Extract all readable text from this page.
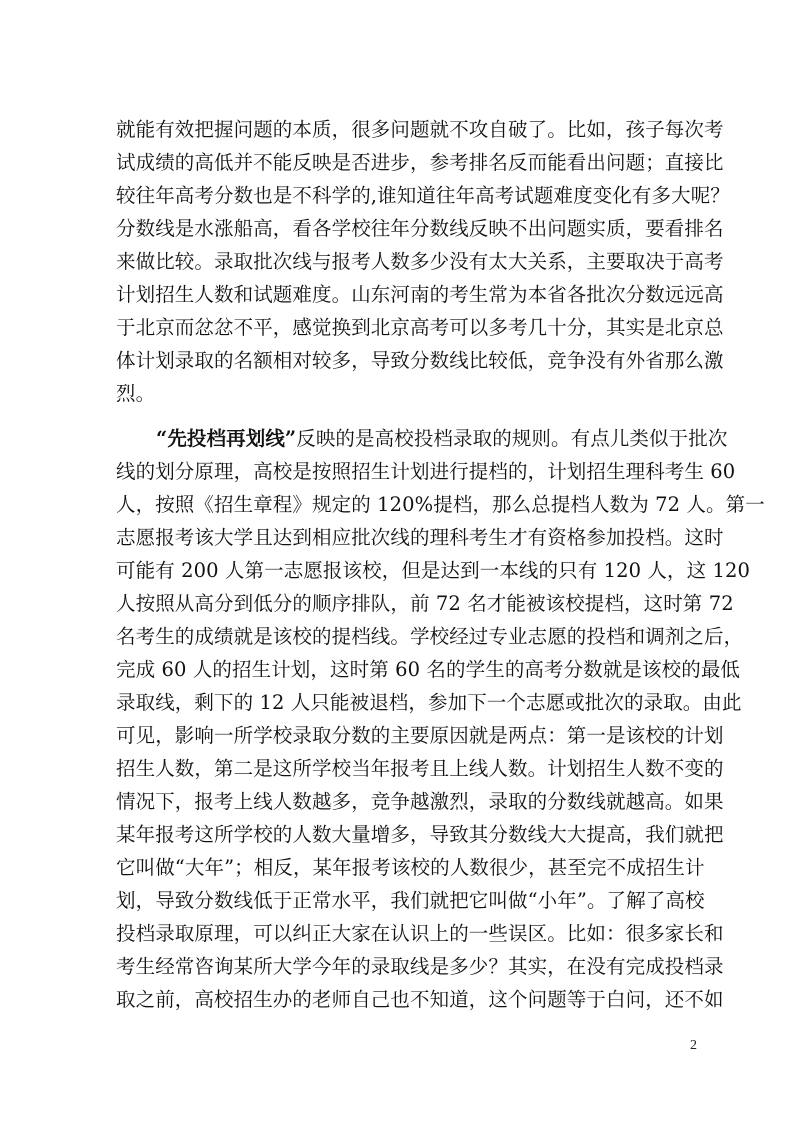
就能有效把握问题的本质，很多问题就不攻自破了。比如，孩子每次考
试成绩的高低并不能反映是否进步，参考排名反而能看出问题；直接比
较往年高考分数也是不科学的,谁知道往年高考试题难度变化有多大呢？
分数线是水涨船高，看各学校往年分数线反映不出问题实质，要看排名
来做比较。录取批次线与报考人数多少没有太大关系，主要取决于高考
计划招生人数和试题难度。山东河南的考生常为本省各批次分数远远高
于北京而忿忿不平，感觉换到北京高考可以多考几十分，其实是北京总
体计划录取的名额相对较多，导致分数线比较低，竞争没有外省那么激
烈。
“先投档再划线”反映的是高校投档录取的规则。有点儿类似于批次
线的划分原理，高校是按照招生计划进行提档的，计划招生理科考生 60
人，按照《招生章程》规定的 120%提档，那么总提档人数为 72 人。第一
志愿报考该大学且达到相应批次线的理科考生才有资格参加投档。这时
可能有 200 人第一志愿报该校，但是达到一本线的只有 120 人，这 120
人按照从高分到低分的顺序排队，前 72 名才能被该校提档，这时第 72
名考生的成绩就是该校的提档线。学校经过专业志愿的投档和调剂之后，
完成 60 人的招生计划，这时第 60 名的学生的高考分数就是该校的最低
录取线，剩下的 12 人只能被退档，参加下一个志愿或批次的录取。由此
可见，影响一所学校录取分数的主要原因就是两点：第一是该校的计划
招生人数，第二是这所学校当年报考且上线人数。计划招生人数不变的
情况下，报考上线人数越多，竞争越激烈，录取的分数线就越高。如果
某年报考这所学校的人数大量增多，导致其分数线大大提高，我们就把
它叫做“大年”；相反，某年报考该校的人数很少，甚至完不成招生计
划，导致分数线低于正常水平，我们就把它叫做“小年”。了解了高校
投档录取原理，可以纠正大家在认识上的一些误区。比如：很多家长和
考生经常咨询某所大学今年的录取线是多少？其实，在没有完成投档录
取之前，高校招生办的老师自己也不知道，这个问题等于白问，还不如
2
